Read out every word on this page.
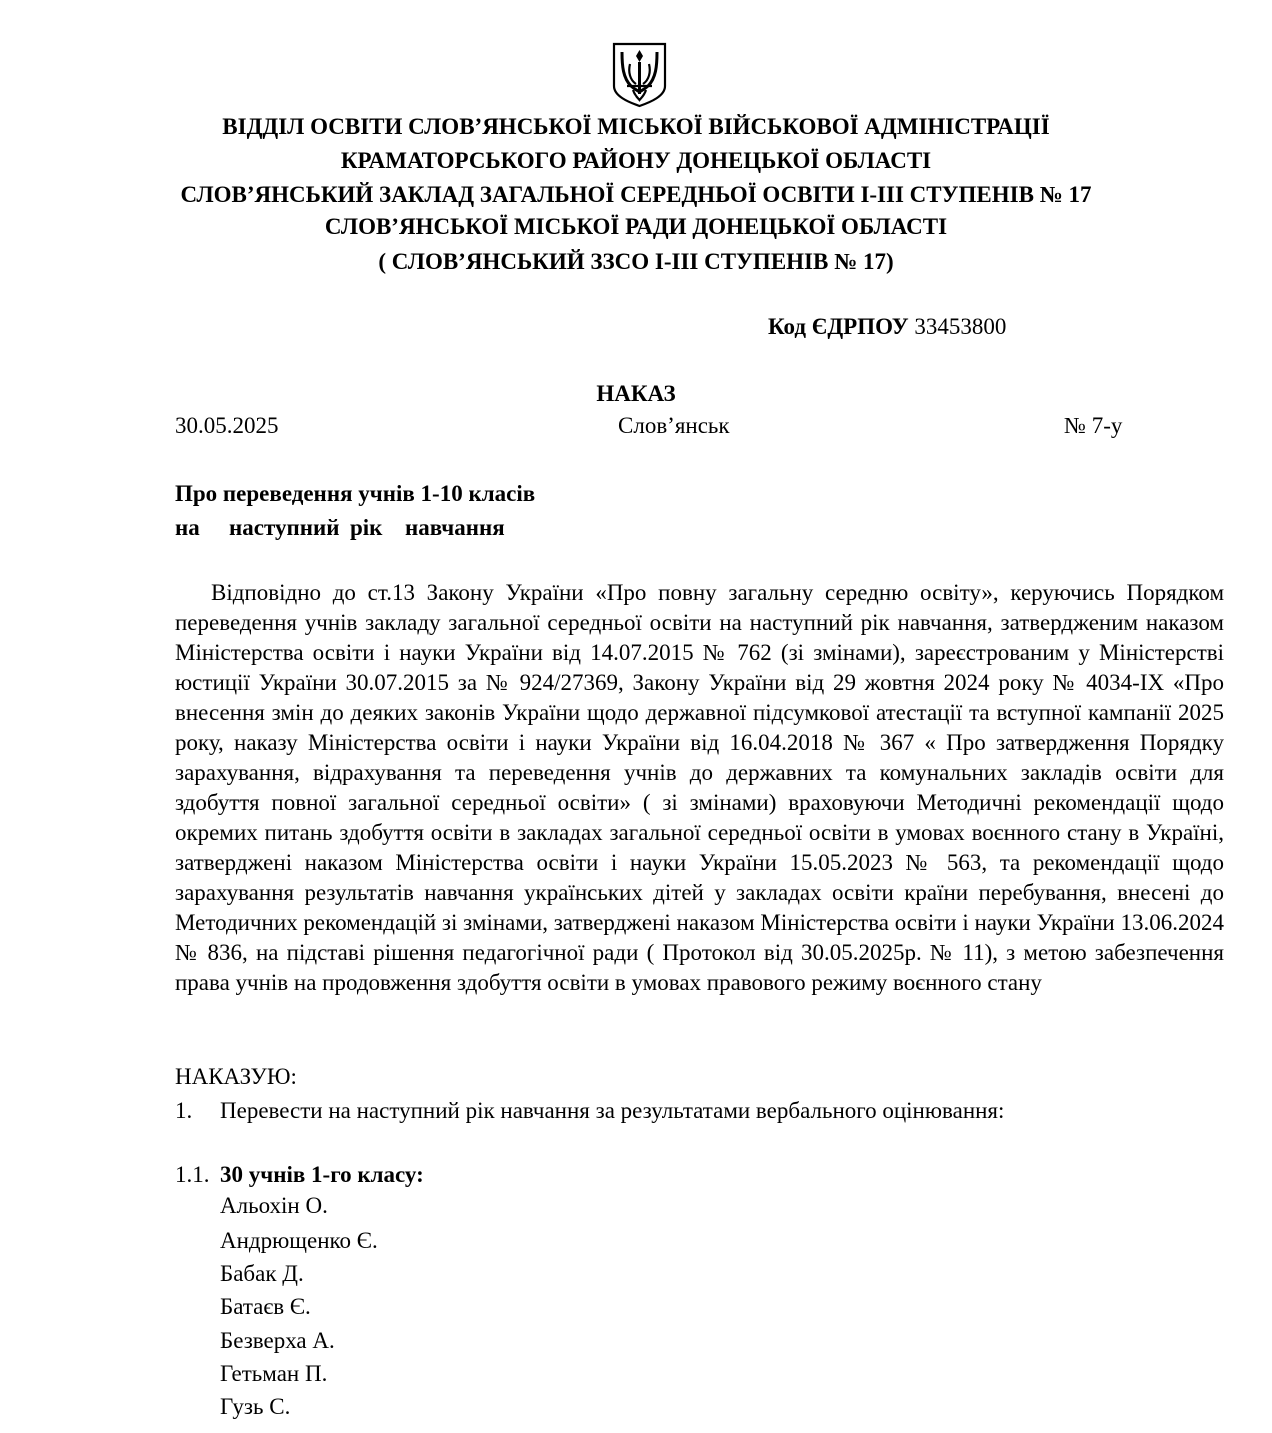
ВІДДІЛ ОСВІТИ СЛОВ’ЯНСЬКОЇ МІСЬКОЇ ВІЙСЬКОВОЇ АДМІНІСТРАЦІЇ
КРАМАТОРСЬКОГО РАЙОНУ ДОНЕЦЬКОЇ ОБЛАСТІ
СЛОВ’ЯНСЬКИЙ ЗАКЛАД ЗАГАЛЬНОЇ СЕРЕДНЬОЇ ОСВІТИ І-ІІІ СТУПЕНІВ № 17
СЛОВ’ЯНСЬКОЇ МІСЬКОЇ РАДИ ДОНЕЦЬКОЇ ОБЛАСТІ
( СЛОВ’ЯНСЬКИЙ ЗЗСО І-ІІІ СТУПЕНІВ № 17)
Код ЄДРПОУ 33453800
НАКАЗ
30.05.2025	Слов’янськ	№ 7-у
Про переведення учнів 1-10 класів
на наступний рік навчання

Відповідно до ст.13 Закону України «Про повну загальну середню освіту», керуючись Порядком переведення учнів закладу загальної середньої освіти на наступний рік навчання, затвердженим наказом Міністерства освіти і науки України від 14.07.2015 № 762 (зі змінами), зареєстрованим у Міністерстві юстиції України 30.07.2015 за № 924/27369, Закону України від 29 жовтня 2024 року № 4034-IX «Про внесення змін до деяких законів України щодо державної підсумкової атестації та вступної кампанії 2025 року, наказу Міністерства освіти і науки України від 16.04.2018 № 367 « Про затвердження Порядку зарахування, відрахування та переведення учнів до державних та комунальних закладів освіти для здобуття повної загальної середньої освіти» ( зі змінами) враховуючи Методичні рекомендації щодо окремих питань здобуття освіти в закладах загальної середньої освіти в умовах воєнного стану в Україні, затверджені наказом Міністерства освіти і науки України 15.05.2023 № 563, та рекомендації щодо зарахування результатів навчання українських дітей у закладах освіти країни перебування, внесені до Методичних рекомендацій зі змінами, затверджені наказом Міністерства освіти і науки України 13.06.2024 № 836, на підставі рішення педагогічної ради ( Протокол від 30.05.2025р. № 11), з метою забезпечення права учнів на продовження здобуття освіти в умовах правового режиму воєнного стану

НАКАЗУЮ:
1. Перевести на наступний рік навчання за результатами вербального оцінювання:
1.1. 30 учнів 1-го класу:
Альохін О.
Андрющенко Є.
Бабак Д.
Батаєв Є.
Безверха А.
Гетьман П.
Гузь С.
